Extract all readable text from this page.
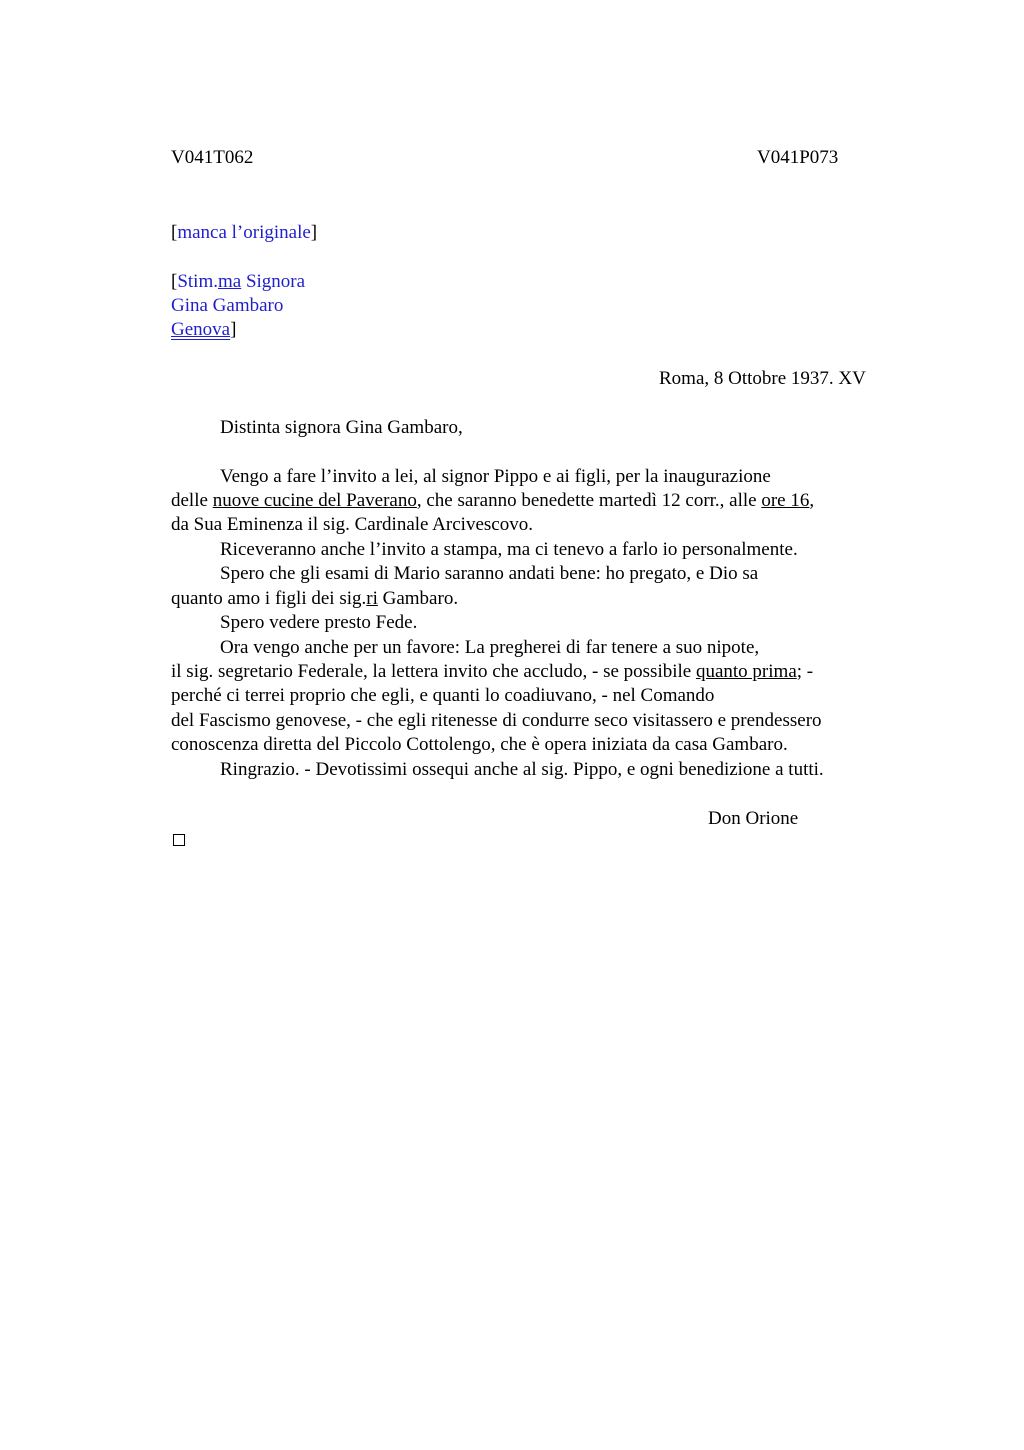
V041T062	V041P073
[manca l’originale]
[Stim.ma Signora
Gina Gambaro
Genova]
Roma, 8 Ottobre 1937. XV
Distinta signora Gina Gambaro,
Vengo a fare l’invito a lei, al signor Pippo e ai figli, per la inaugurazione
delle nuove cucine del Paverano, che saranno benedette martedì 12 corr., alle ore 16,
da Sua Eminenza il sig. Cardinale Arcivescovo.
Riceveranno anche l’invito a stampa, ma ci tenevo a farlo io personalmente.
Spero che gli esami di Mario saranno andati bene: ho pregato, e Dio sa
quanto amo i figli dei sig.ri Gambaro.
Spero vedere presto Fede.
Ora vengo anche per un favore: La pregherei di far tenere a suo nipote,
il sig. segretario Federale, la lettera invito che accludo, - se possibile quanto prima; -
perché ci terrei proprio che egli, e quanti lo coadiuvano, - nel Comando
del Fascismo genovese, - che egli ritenesse di condurre seco visitassero e prendessero
conoscenza diretta del Piccolo Cottolengo, che è opera iniziata da casa Gambaro.
Ringrazio. - Devotissimi ossequi anche al sig. Pippo, e ogni benedizione a tutti.
Don Orione
